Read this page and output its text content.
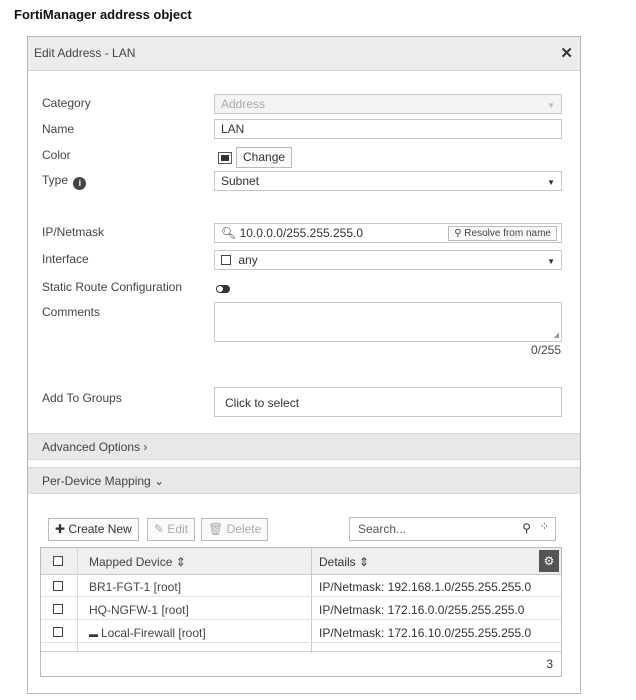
FortiManager address object
Edit Address - LAN	✕
Category	Address	▼
Name	LAN
Color	Change
Type i	Subnet	▼
IP/Netmask	🔍︎ 10.0.0.0/255.255.255.0	⚲ Resolve from name
Interface	any	▼
Static Route Configuration
Comments
◢
0/255
Add To Groups	Click to select
Advanced Options ›
Per-Device Mapping ⌄
✚ Create New	✎ Edit	🗑︎ Delete	Search...	⚲ ⁘
Mapped Device ⇕	Details ⇕	⚙
BR1-FGT-1 [root]	IP/Netmask: 192.168.1.0/255.255.255.0
HQ-NGFW-1 [root]	IP/Netmask: 172.16.0.0/255.255.255.0
▬ Local-Firewall [root]	IP/Netmask: 172.16.10.0/255.255.255.0
3
